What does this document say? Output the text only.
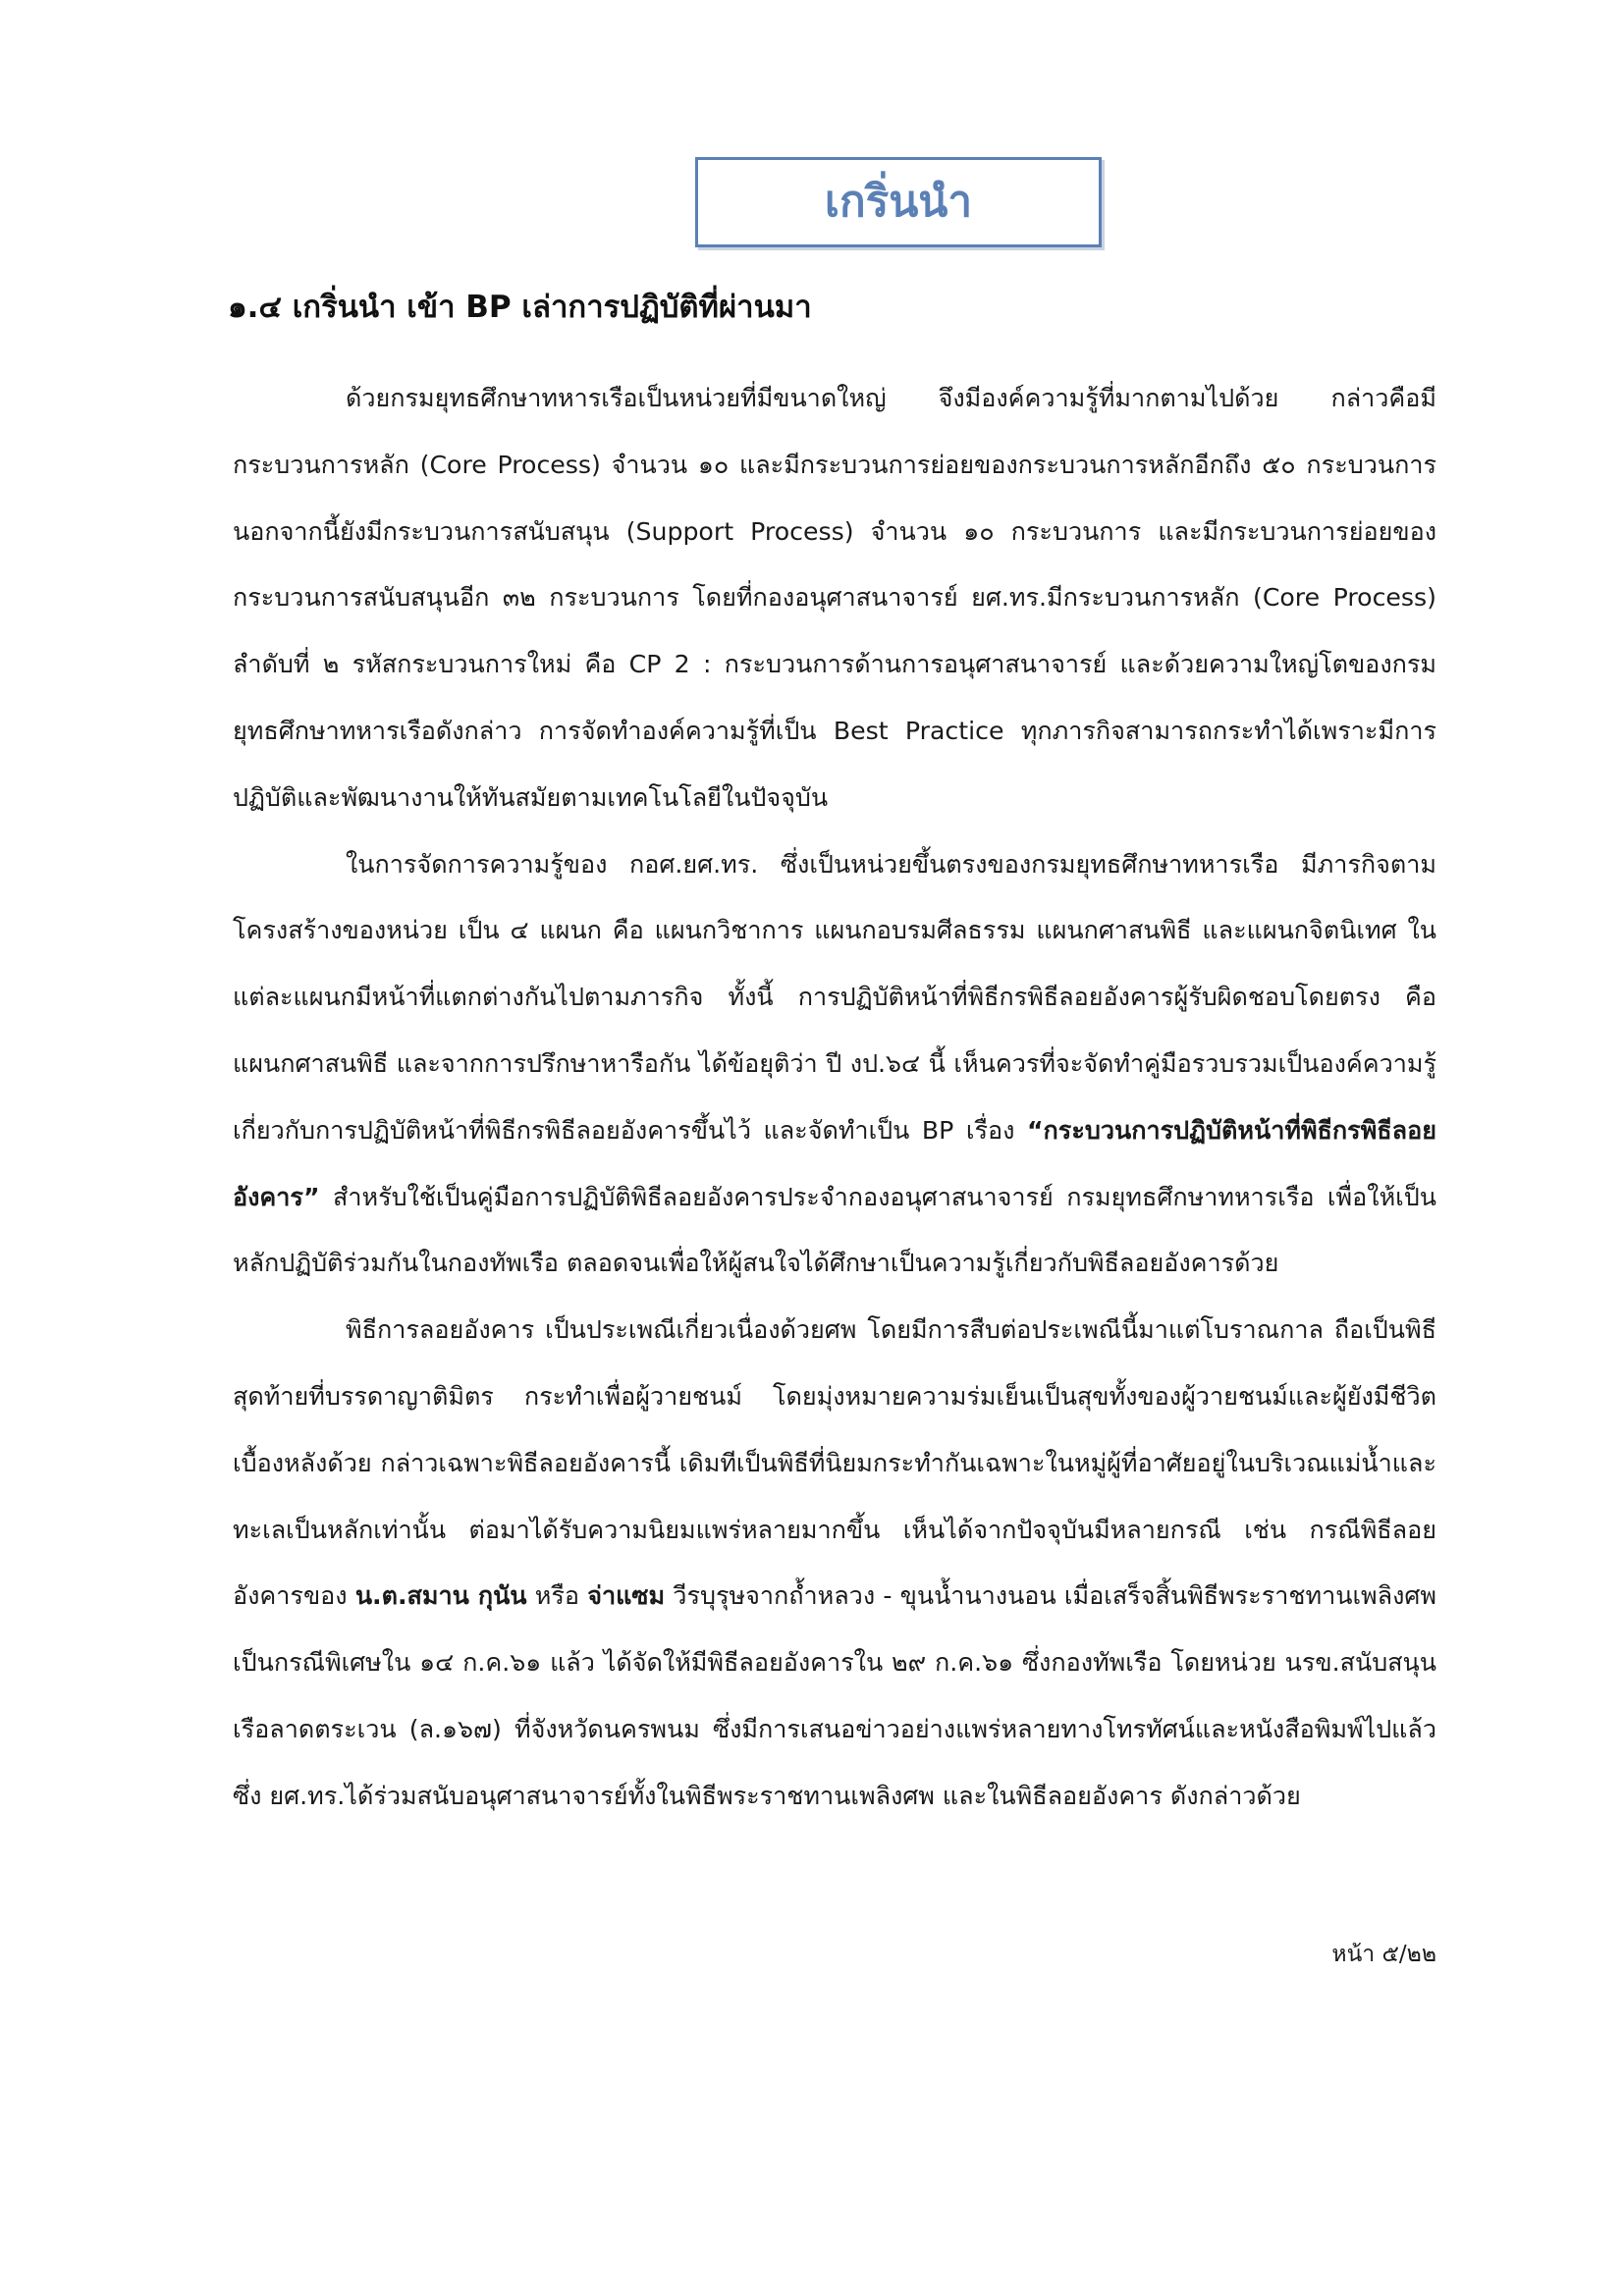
เกริ่นนำ
๑.๔ เกริ่นนำ เข้า BP เล่าการปฏิบัติที่ผ่านมา

ด้วยกรมยุทธศึกษาทหารเรือเป็นหน่วยที่มีขนาดใหญ่ จึงมีองค์ความรู้ที่มากตามไปด้วย กล่าวคือมีกระบวนการหลัก (Core Process) จำนวน ๑๐ และมีกระบวนการย่อยของกระบวนการหลักอีกถึง ๕๐ กระบวนการ นอกจากนี้ยังมีกระบวนการสนับสนุน (Support Process) จำนวน ๑๐ กระบวนการ และมีกระบวนการย่อยของกระบวนการสนับสนุนอีก ๓๒ กระบวนการ โดยที่กองอนุศาสนาจารย์ ยศ.ทร.มีกระบวนการหลัก (Core Process) ลำดับที่ ๒ รหัสกระบวนการใหม่ คือ CP 2 : กระบวนการด้านการอนุศาสนาจารย์ และด้วยความใหญ่โตของกรมยุทธศึกษาทหารเรือดังกล่าว การจัดทำองค์ความรู้ที่เป็น Best Practice ทุกภารกิจสามารถกระทำได้เพราะมีการปฏิบัติและพัฒนางานให้ทันสมัยตามเทคโนโลยีในปัจจุบัน

ในการจัดการความรู้ของ กอศ.ยศ.ทร. ซึ่งเป็นหน่วยขึ้นตรงของกรมยุทธศึกษาทหารเรือ มีภารกิจตามโครงสร้างของหน่วย เป็น ๔ แผนก คือ แผนกวิชาการ แผนกอบรมศีลธรรม แผนกศาสนพิธี และแผนกจิตนิเทศ ในแต่ละแผนกมีหน้าที่แตกต่างกันไปตามภารกิจ ทั้งนี้ การปฏิบัติหน้าที่พิธีกรพิธีลอยอังคารผู้รับผิดชอบโดยตรง คือ แผนกศาสนพิธี และจากการปรึกษาหารือกัน ได้ข้อยุติว่า ปี งป.๖๔ นี้ เห็นควรที่จะจัดทำคู่มือรวบรวมเป็นองค์ความรู้เกี่ยวกับการปฏิบัติหน้าที่พิธีกรพิธีลอยอังคารขึ้นไว้ และจัดทำเป็น BP เรื่อง “กระบวนการปฏิบัติหน้าที่พิธีกรพิธีลอยอังคาร” สำหรับใช้เป็นคู่มือการปฏิบัติพิธีลอยอังคารประจำกองอนุศาสนาจารย์ กรมยุทธศึกษาทหารเรือ เพื่อให้เป็นหลักปฏิบัติร่วมกันในกองทัพเรือ ตลอดจนเพื่อให้ผู้สนใจได้ศึกษาเป็นความรู้เกี่ยวกับพิธีลอยอังคารด้วย

พิธีการลอยอังคาร เป็นประเพณีเกี่ยวเนื่องด้วยศพ โดยมีการสืบต่อประเพณีนี้มาแต่โบราณกาล ถือเป็นพิธีสุดท้ายที่บรรดาญาติมิตร กระทำเพื่อผู้วายชนม์ โดยมุ่งหมายความร่มเย็นเป็นสุขทั้งของผู้วายชนม์และผู้ยังมีชีวิตเบื้องหลังด้วย กล่าวเฉพาะพิธีลอยอังคารนี้ เดิมทีเป็นพิธีที่นิยมกระทำกันเฉพาะในหมู่ผู้ที่อาศัยอยู่ในบริเวณแม่น้ำและทะเลเป็นหลักเท่านั้น ต่อมาได้รับความนิยมแพร่หลายมากขึ้น เห็นได้จากปัจจุบันมีหลายกรณี เช่น กรณีพิธีลอยอังคารของ น.ต.สมาน กุนัน หรือ จ่าแซม วีรบุรุษจากถ้ำหลวง - ขุนน้ำนางนอน เมื่อเสร็จสิ้นพิธีพระราชทานเพลิงศพเป็นกรณีพิเศษใน ๑๔ ก.ค.๖๑ แล้ว ได้จัดให้มีพิธีลอยอังคารใน ๒๙ ก.ค.๖๑ ซึ่งกองทัพเรือ โดยหน่วย นรข.สนับสนุนเรือลาดตระเวน (ล.๑๖๗) ที่จังหวัดนครพนม ซึ่งมีการเสนอข่าวอย่างแพร่หลายทางโทรทัศน์และหนังสือพิมพ์ไปแล้ว ซึ่ง ยศ.ทร.ได้ร่วมสนับอนุศาสนาจารย์ทั้งในพิธีพระราชทานเพลิงศพ และในพิธีลอยอังคาร ดังกล่าวด้วย

หน้า ๕/๒๒
